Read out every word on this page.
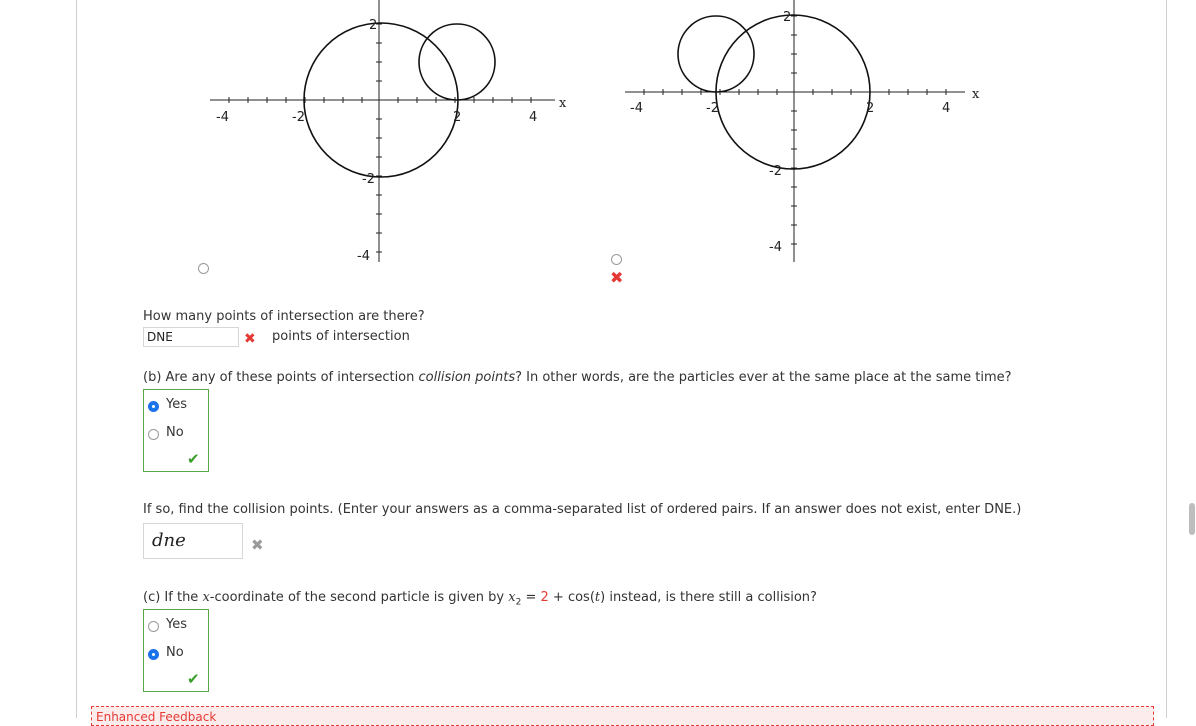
-4	-2	2	4
x
2
-2
-4
-4	-2	2	4
x
2
-2
-4
✖
How many points of intersection are there?
DNE	✖ points of intersection
(b) Are any of these points of intersection collision points? In other words, are the particles ever at the same place at the same time?
Yes
No
✔
If so, find the collision points. (Enter your answers as a comma-separated list of ordered pairs. If an answer does not exist, enter DNE.)
dne	✖
(c) If the x-coordinate of the second particle is given by $x_2 = 2 + \cos(t)$ instead, is there still a collision?
Yes
No
✔
Enhanced Feedback
